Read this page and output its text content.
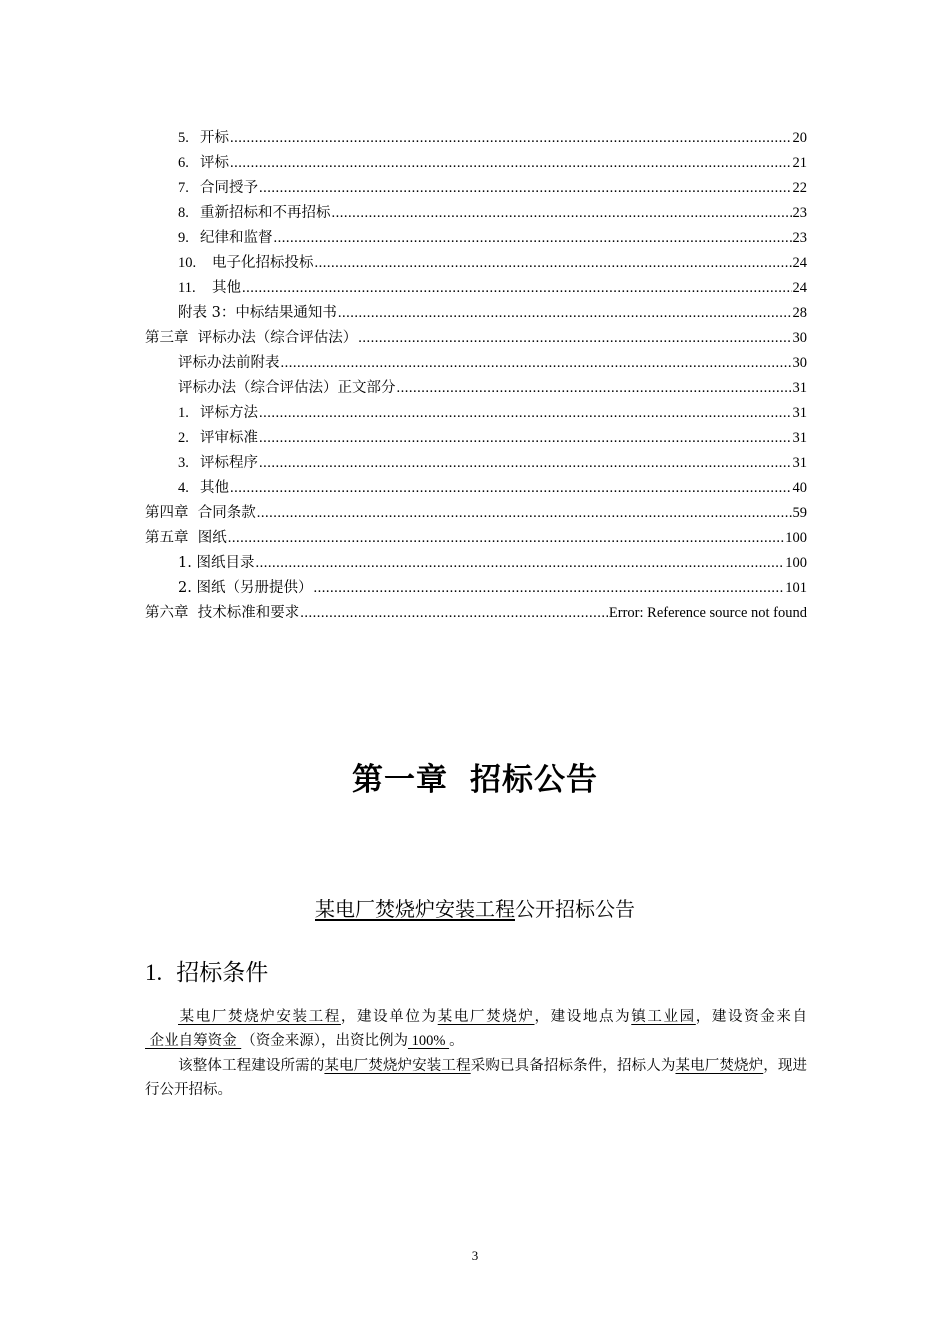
5. 开标 .....	20
6. 评标 .....	21
7. 合同授予 .....	22
8. 重新招标和不再招标 .....	23
9. 纪律和监督 .....	23
10.	电子化招标投标 .....	24
11.	其他 .....	24
附表 3：中标结果通知书 .....	28
第三章  评标办法（综合评估法） .....	30
评标办法前附表 .....	30
评标办法（综合评估法）正文部分 .....	31
1. 评标方法 .....	31
2. 评审标准 .....	31
3. 评标程序 .....	31
4. 其他 .....	40
第四章  合同条款 .....	59
第五章  图纸 .....	100
1. 图纸目录 .....	100
2. 图纸（另册提供） .....	101
第六章  技术标准和要求 .....	Error: Reference source not found
第一章 招标公告
某电厂焚烧炉安装工程公开招标公告
1. 招标条件
某电厂焚烧炉安装工程，建设单位为某电厂焚烧炉，建设地点为镇工业园，建设资金来自 企业自筹资金 （资金来源），出资比例为 100% 。
该整体工程建设所需的某电厂焚烧炉安装工程采购已具备招标条件，招标人为某电厂焚烧炉，现进行公开招标。
3
